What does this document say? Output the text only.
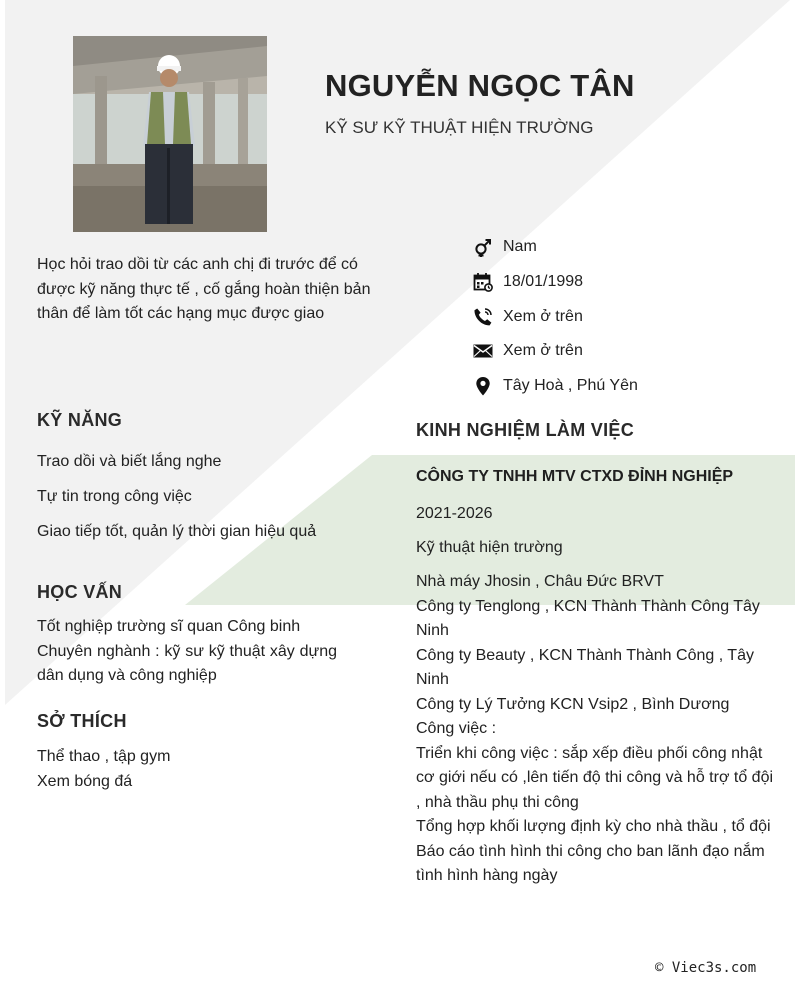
NGUYỄN NGỌC TÂN
KỸ SƯ KỸ THUẬT HIỆN TRƯỜNG
Học hỏi trao dồi từ các anh chị đi trước để có được kỹ năng thực tế , cố gắng hoàn thiện bản thân để làm tốt các hạng mục được giao
Nam
18/01/1998
Xem ở trên
Xem ở trên
Tây Hoà , Phú Yên
KỸ NĂNG
Trao dồi và biết lắng nghe
Tự tin trong công việc
Giao tiếp tốt, quản lý thời gian hiệu quả
HỌC VẤN
Tốt nghiệp trường sĩ quan Công binh
Chuyên nghành : kỹ sư kỹ thuật xây dựng dân dụng và công nghiệp
SỞ THÍCH
Thể thao , tập gym
Xem bóng đá
KINH NGHIỆM LÀM VIỆC
CÔNG TY TNHH MTV CTXD ĐỈNH NGHIỆP
2021-2026
Kỹ thuật hiện trường
Nhà máy Jhosin , Châu Đức BRVT
Công ty Tenglong , KCN Thành Thành Công Tây Ninh
Công ty Beauty , KCN Thành Thành Công , Tây Ninh
Công ty Lý Tưởng KCN Vsip2 , Bình Dương
Công việc :
Triển khi công việc : sắp xếp điều phối công nhật cơ giới nếu có ,lên tiến độ thi công và hỗ trợ tổ đội , nhà thầu phụ thi công
Tổng hợp khối lượng định kỳ cho nhà thầu , tổ đội
Báo cáo tình hình thi công cho ban lãnh đạo nắm tình hình hàng ngày
© Viec3s.com
